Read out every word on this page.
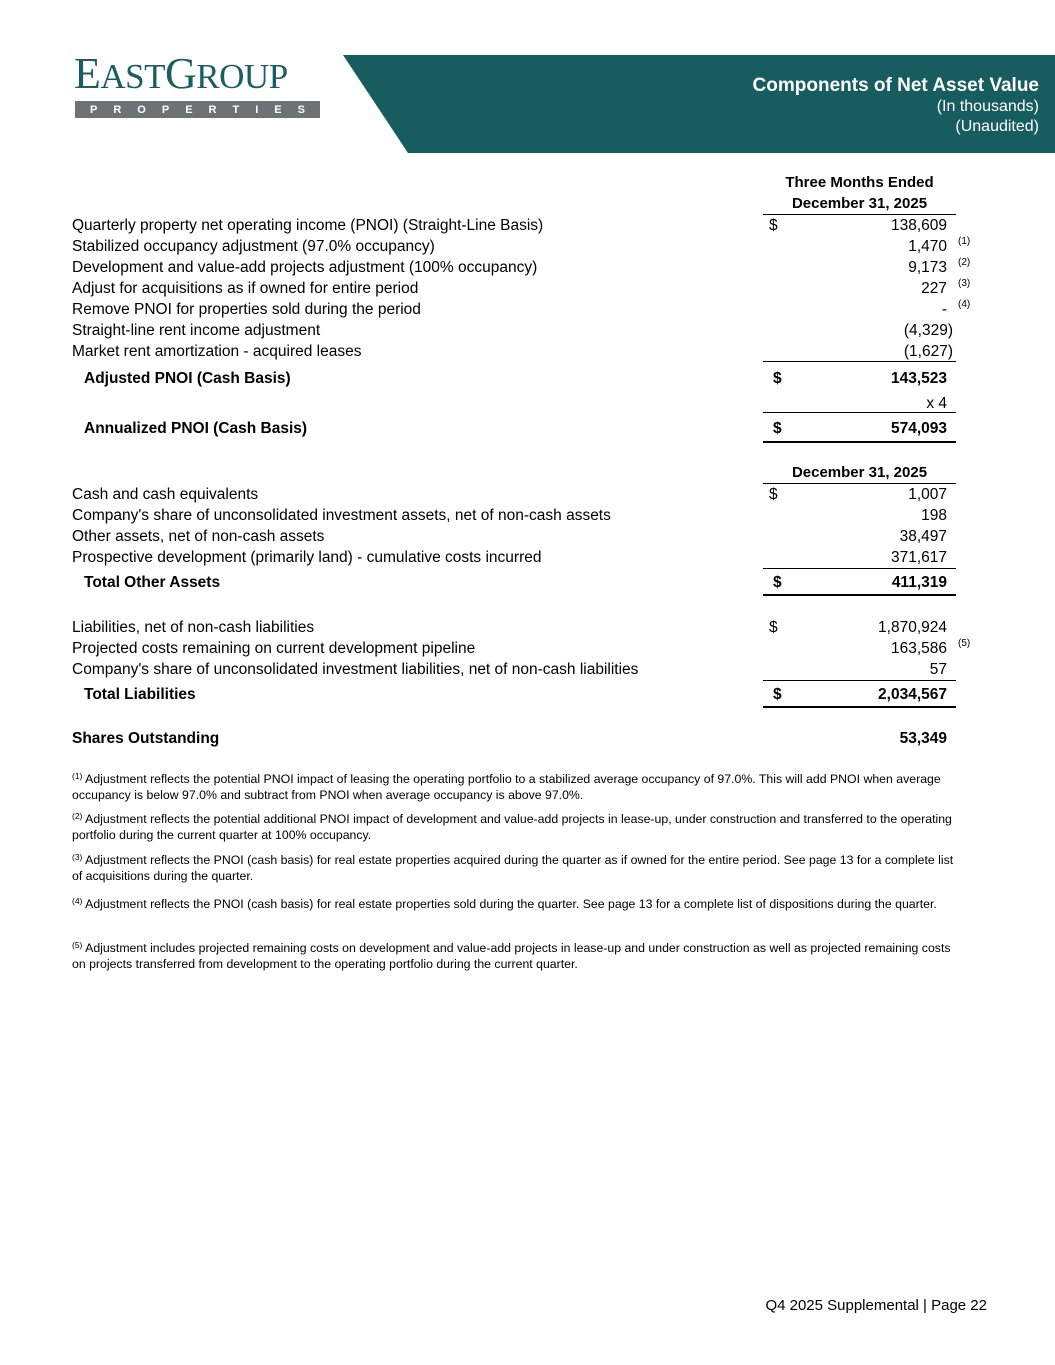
EASTGROUP
P R O P E R T I E S
Components of Net Asset Value
(In thousands)
(Unaudited)
Three Months Ended
December 31, 2025
Quarterly property net operating income (PNOI) (Straight-Line Basis)	$	138,609
Stabilized occupancy adjustment (97.0% occupancy)	1,470 (1)
Development and value-add projects adjustment (100% occupancy)	9,173 (2)
Adjust for acquisitions as if owned for entire period	227 (3)
Remove PNOI for properties sold during the period	- (4)
Straight-line rent income adjustment	(4,329)
Market rent amortization - acquired leases	(1,627)
Adjusted PNOI (Cash Basis)	$	143,523
x 4
Annualized PNOI (Cash Basis)	$	574,093
December 31, 2025
Cash and cash equivalents	$	1,007
Company's share of unconsolidated investment assets, net of non-cash assets	198
Other assets, net of non-cash assets	38,497
Prospective development (primarily land) - cumulative costs incurred	371,617
Total Other Assets	$	411,319
Liabilities, net of non-cash liabilities	$	1,870,924
Projected costs remaining on current development pipeline	163,586 (5)
Company's share of unconsolidated investment liabilities, net of non-cash liabilities	57
Total Liabilities	$	2,034,567
Shares Outstanding	53,349
$^{(1)}$ Adjustment reflects the potential PNOI impact of leasing the operating portfolio to a stabilized average occupancy of 97.0%. This will add PNOI when average occupancy is below 97.0% and subtract from PNOI when average occupancy is above 97.0%.
$^{(2)}$ Adjustment reflects the potential additional PNOI impact of development and value-add projects in lease-up, under construction and transferred to the operating portfolio during the current quarter at 100% occupancy.
$^{(3)}$ Adjustment reflects the PNOI (cash basis) for real estate properties acquired during the quarter as if owned for the entire period. See page 13 for a complete list of acquisitions during the quarter.
$^{(4)}$ Adjustment reflects the PNOI (cash basis) for real estate properties sold during the quarter. See page 13 for a complete list of dispositions during the quarter.
$^{(5)}$ Adjustment includes projected remaining costs on development and value-add projects in lease-up and under construction as well as projected remaining costs on projects transferred from development to the operating portfolio during the current quarter.
Q4 2025 Supplemental | Page 22
